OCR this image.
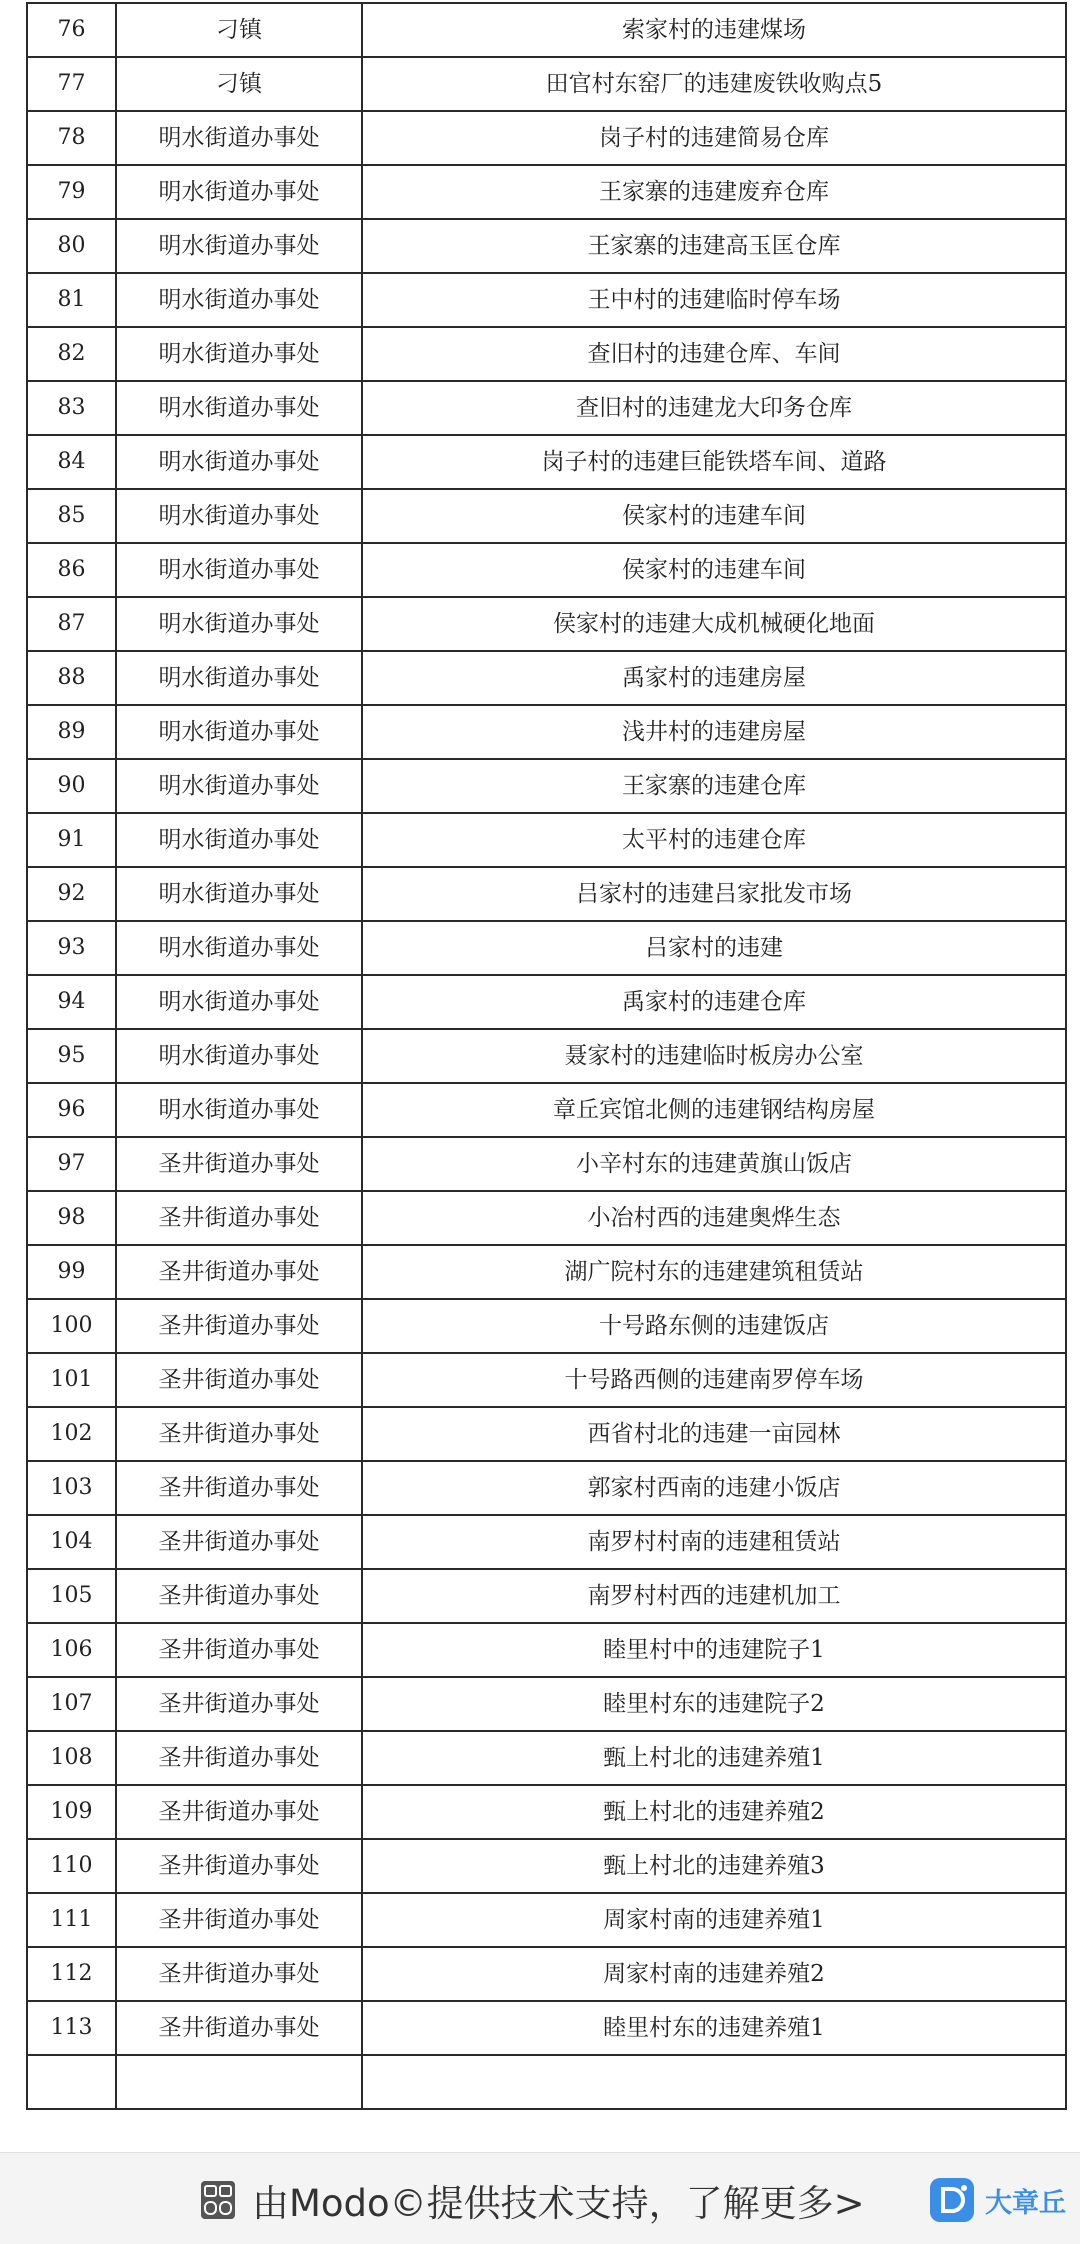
76	刁镇	索家村的违建煤场
77	刁镇	田官村东窑厂的违建废铁收购点5
78	明水街道办事处	岗子村的违建简易仓库
79	明水街道办事处	王家寨的违建废弃仓库
80	明水街道办事处	王家寨的违建高玉匡仓库
81	明水街道办事处	王中村的违建临时停车场
82	明水街道办事处	查旧村的违建仓库、车间
83	明水街道办事处	查旧村的违建龙大印务仓库
84	明水街道办事处	岗子村的违建巨能铁塔车间、道路
85	明水街道办事处	侯家村的违建车间
86	明水街道办事处	侯家村的违建车间
87	明水街道办事处	侯家村的违建大成机械硬化地面
88	明水街道办事处	禹家村的违建房屋
89	明水街道办事处	浅井村的违建房屋
90	明水街道办事处	王家寨的违建仓库
91	明水街道办事处	太平村的违建仓库
92	明水街道办事处	吕家村的违建吕家批发市场
93	明水街道办事处	吕家村的违建
94	明水街道办事处	禹家村的违建仓库
95	明水街道办事处	聂家村的违建临时板房办公室
96	明水街道办事处	章丘宾馆北侧的违建钢结构房屋
97	圣井街道办事处	小辛村东的违建黄旗山饭店
98	圣井街道办事处	小冶村西的违建奥烨生态
99	圣井街道办事处	湖广院村东的违建建筑租赁站
100	圣井街道办事处	十号路东侧的违建饭店
101	圣井街道办事处	十号路西侧的违建南罗停车场
102	圣井街道办事处	西省村北的违建一亩园林
103	圣井街道办事处	郭家村西南的违建小饭店
104	圣井街道办事处	南罗村村南的违建租赁站
105	圣井街道办事处	南罗村村西的违建机加工
106	圣井街道办事处	睦里村中的违建院子1
107	圣井街道办事处	睦里村东的违建院子2
108	圣井街道办事处	甄上村北的违建养殖1
109	圣井街道办事处	甄上村北的违建养殖2
110	圣井街道办事处	甄上村北的违建养殖3
111	圣井街道办事处	周家村南的违建养殖1
112	圣井街道办事处	周家村南的违建养殖2
113	圣井街道办事处	睦里村东的违建养殖1

由Modo©提供技术支持，了解更多>	大章丘
